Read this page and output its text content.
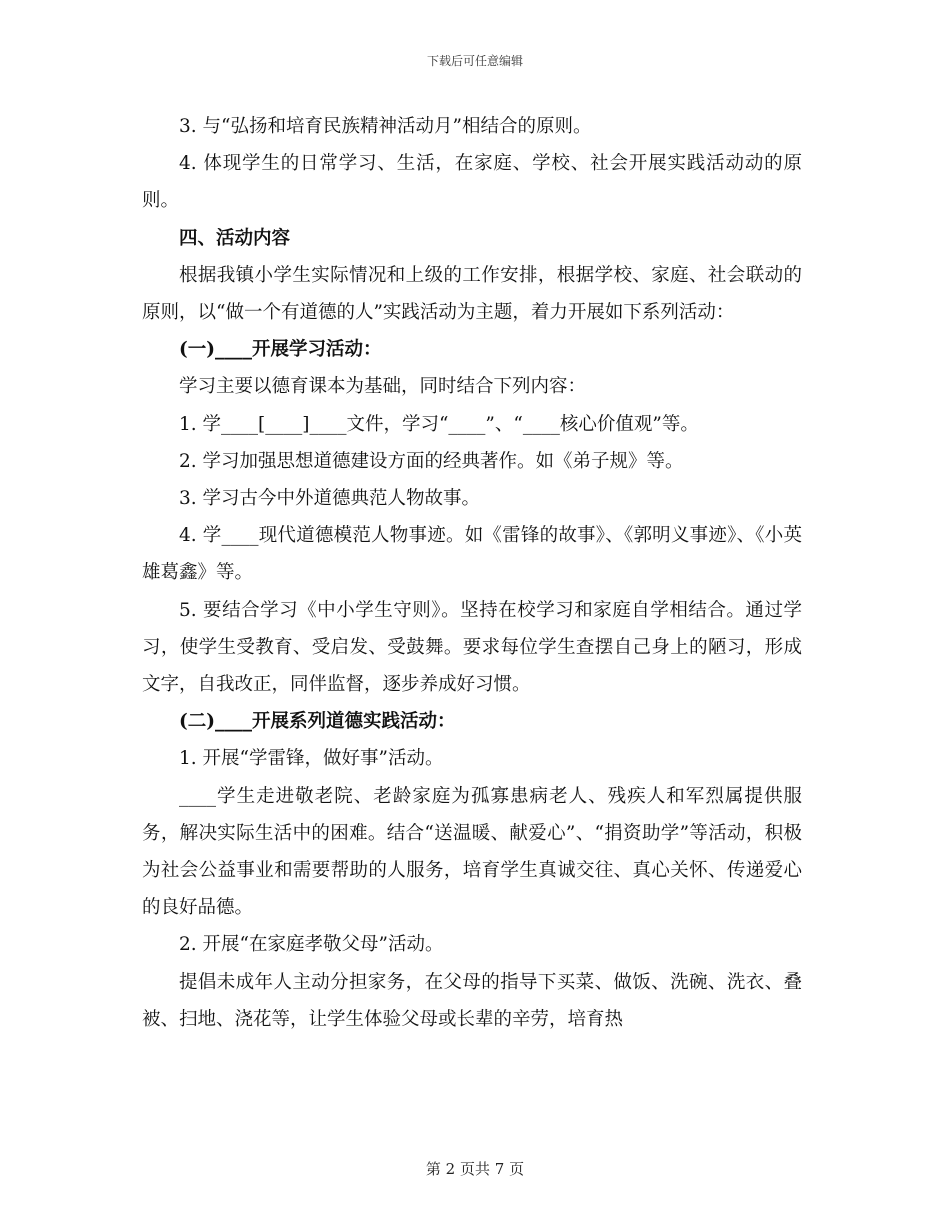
下载后可任意编辑

3. 与“弘扬和培育民族精神活动月”相结合的原则。

4. 体现学生的日常学习、生活，在家庭、学校、社会开展实践活动动的原则。

四、活动内容

根据我镇小学生实际情况和上级的工作安排，根据学校、家庭、社会联动的原则，以“做一个有道德的人”实践活动为主题，着力开展如下系列活动：

(一)____开展学习活动：

学习主要以德育课本为基础，同时结合下列内容：

1. 学____[____]____文件，学习“____”、“____核心价值观”等。

2. 学习加强思想道德建设方面的经典著作。如《弟子规》等。

3. 学习古今中外道德典范人物故事。

4. 学____现代道德模范人物事迹。如《雷锋的故事》、《郭明义事迹》、《小英雄葛鑫》等。

5. 要结合学习《中小学生守则》。坚持在校学习和家庭自学相结合。通过学习，使学生受教育、受启发、受鼓舞。要求每位学生查摆自己身上的陋习，形成文字，自我改正，同伴监督，逐步养成好习惯。

(二)____开展系列道德实践活动：

1. 开展“学雷锋，做好事”活动。

____学生走进敬老院、老龄家庭为孤寡患病老人、残疾人和军烈属提供服务，解决实际生活中的困难。结合“送温暖、献爱心”、“捐资助学”等活动，积极为社会公益事业和需要帮助的人服务，培育学生真诚交往、真心关怀、传递爱心的良好品德。

2. 开展“在家庭孝敬父母”活动。

提倡未成年人主动分担家务，在父母的指导下买菜、做饭、洗碗、洗衣、叠被、扫地、浇花等，让学生体验父母或长辈的辛劳，培育热

第 2 页共 7 页
